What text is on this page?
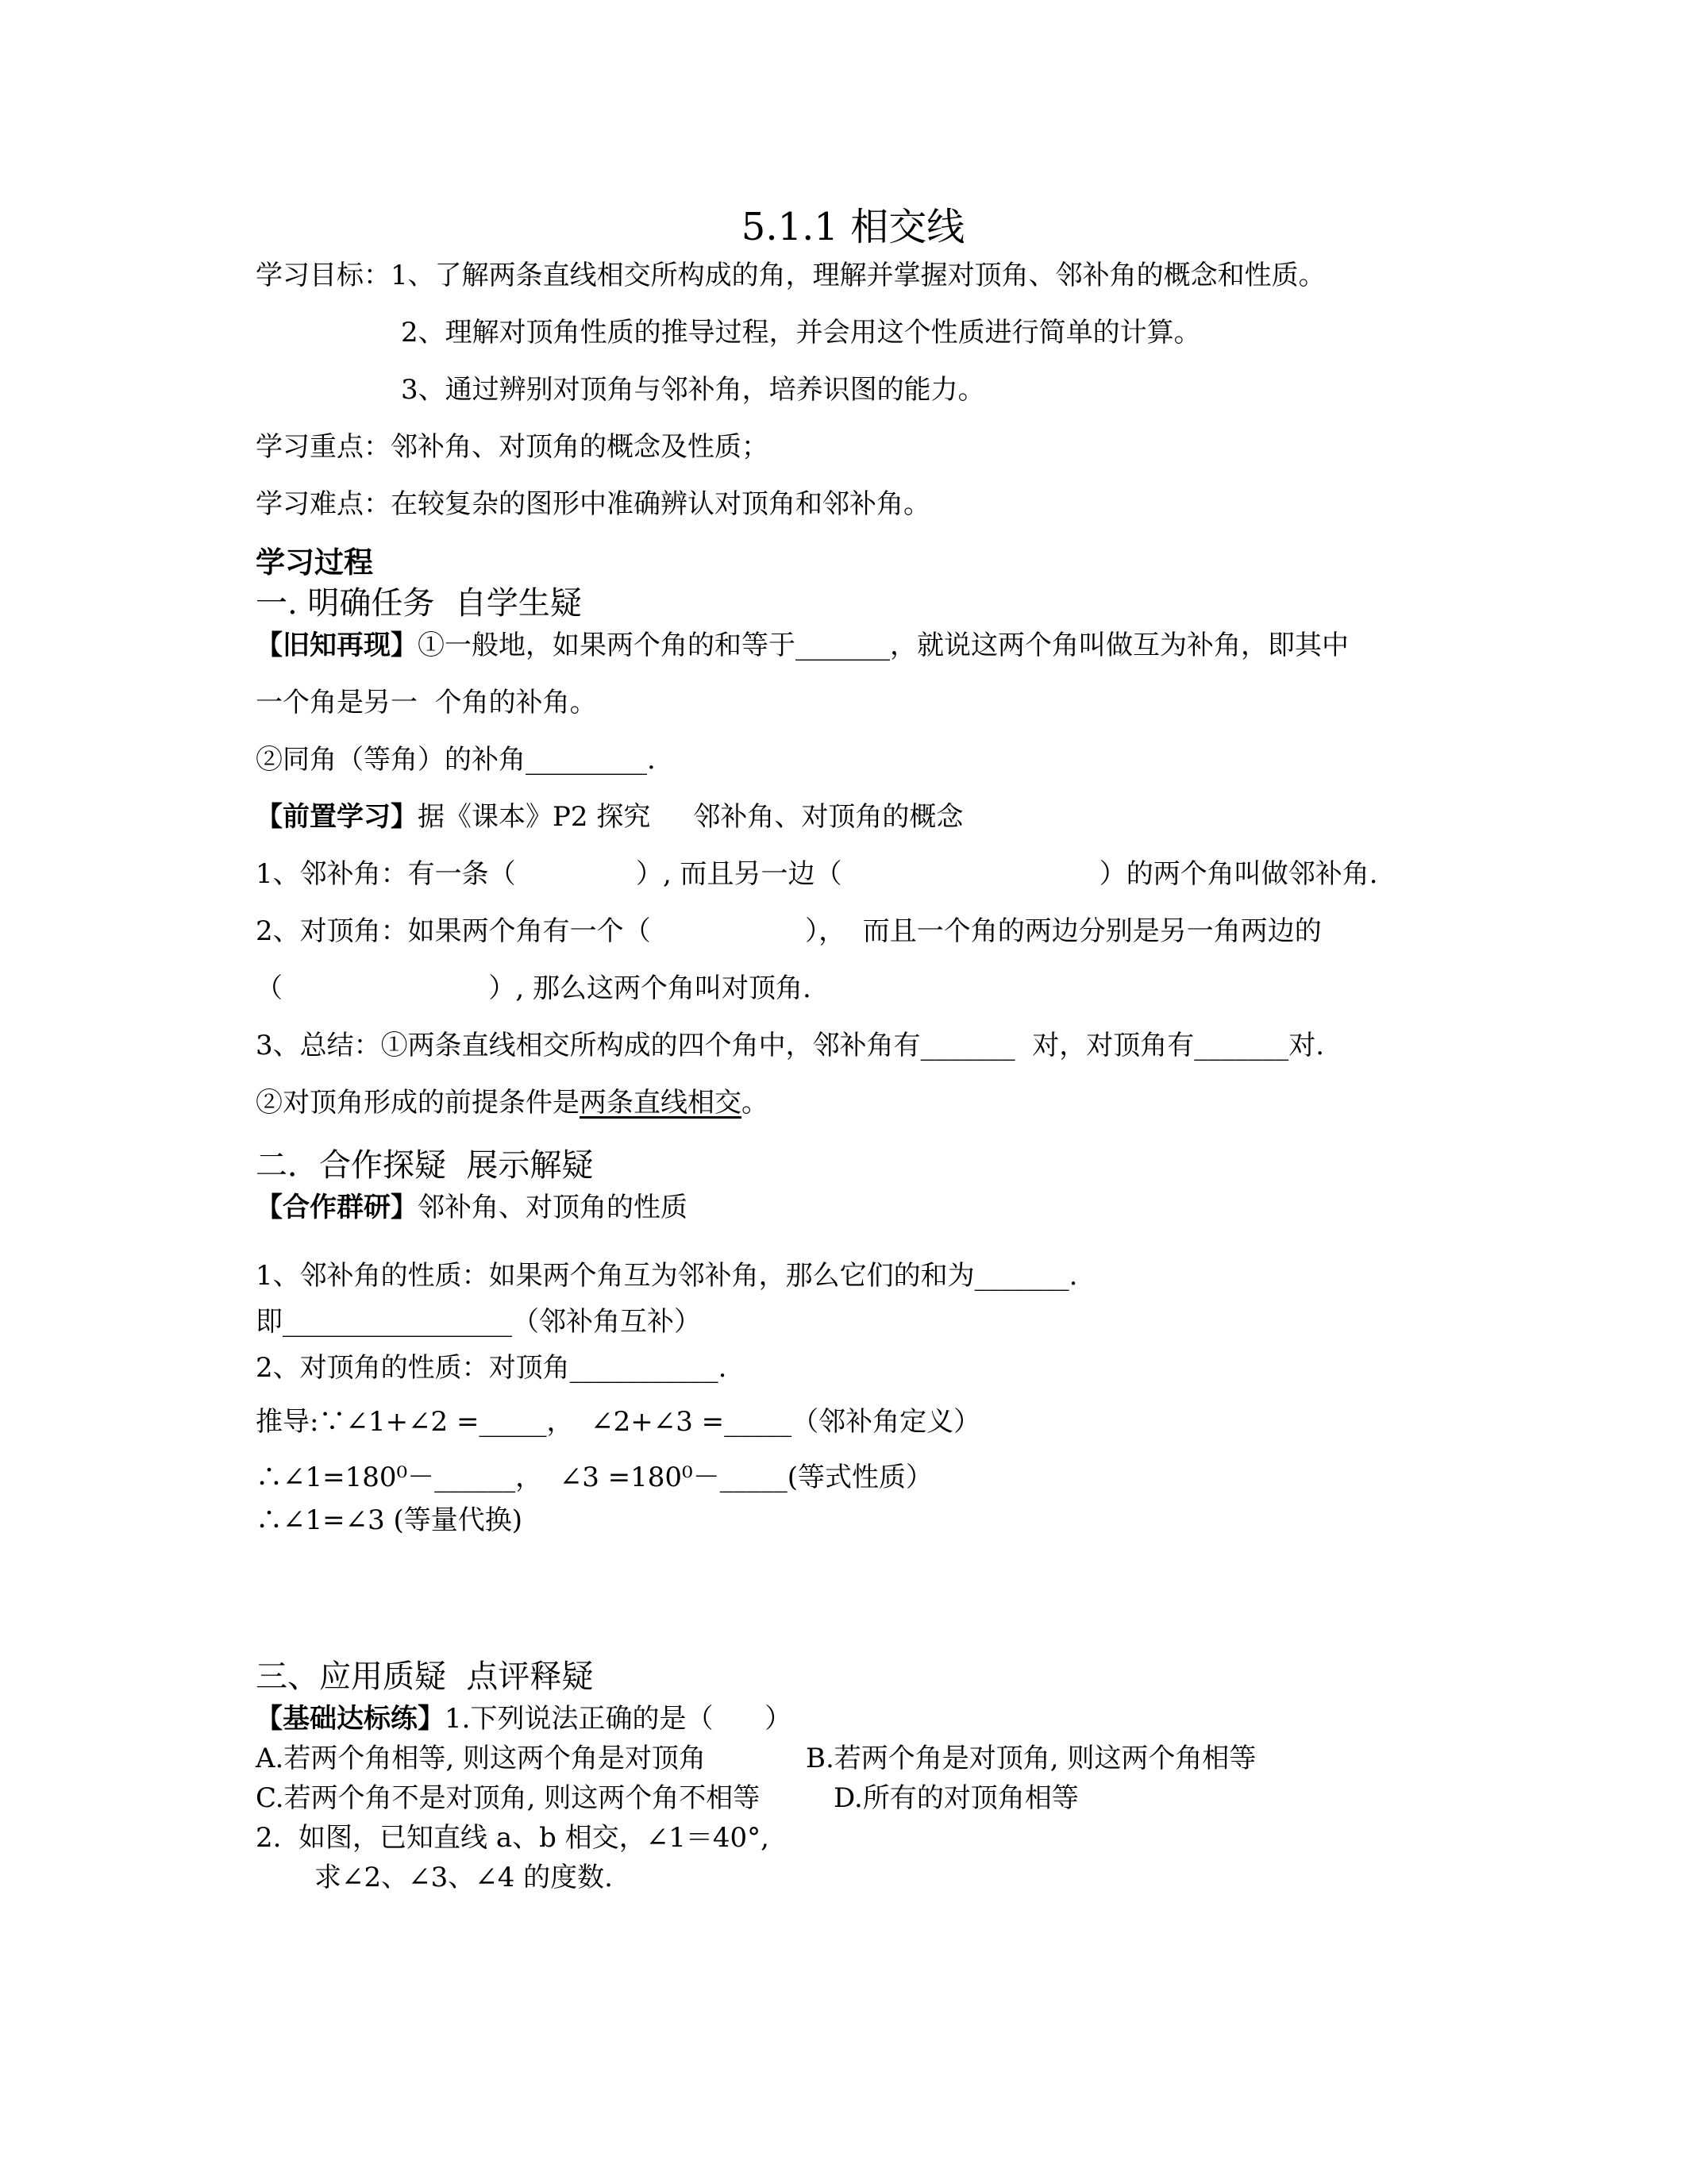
5.1.1 相交线
学习目标：1、了解两条直线相交所构成的角，理解并掌握对顶角、邻补角的概念和性质。
2、理解对顶角性质的推导过程，并会用这个性质进行简单的计算。
3、通过辨别对顶角与邻补角，培养识图的能力。
学习重点：邻补角、对顶角的概念及性质；
学习难点：在较复杂的图形中准确辨认对顶角和邻补角。
学习过程
一. 明确任务  自学生疑
【旧知再现】①一般地，如果两个角的和等于_______，就说这两个角叫做互为补角，即其中
一个角是另一  个角的补角。
②同角（等角）的补角_________.
【前置学习】据《课本》P2 探究     邻补角、对顶角的概念
1、邻补角：有一条（              ）, 而且另一边（                              ）的两个角叫做邻补角.
2、对顶角：如果两个角有一个（                  ），  而且一个角的两边分别是另一角两边的
（                        ）, 那么这两个角叫对顶角.
3、总结：①两条直线相交所构成的四个角中，邻补角有_______  对，对顶角有_______对.
②对顶角形成的前提条件是两条直线相交。
二．合作探疑  展示解疑
【合作群研】邻补角、对顶角的性质
1、邻补角的性质：如果两个角互为邻补角，那么它们的和为_______.
即_________________（邻补角互补）
2、对顶角的性质：对顶角___________.
推导:∵∠1+∠2 =_____，  ∠2+∠3 =_____（邻补角定义）
∴∠1=180⁰－______，  ∠3 =180⁰－_____(等式性质）
∴∠1=∠3 (等量代换)
三、应用质疑  点评释疑
【基础达标练】1.下列说法正确的是（      ）
A.若两个角相等, 则这两个角是对顶角	B.若两个角是对顶角, 则这两个角相等
C.若两个角不是对顶角, 则这两个角不相等	D.所有的对顶角相等
2.  如图，已知直线 a、b 相交，∠1＝40°,
求∠2、∠3、∠4 的度数.
